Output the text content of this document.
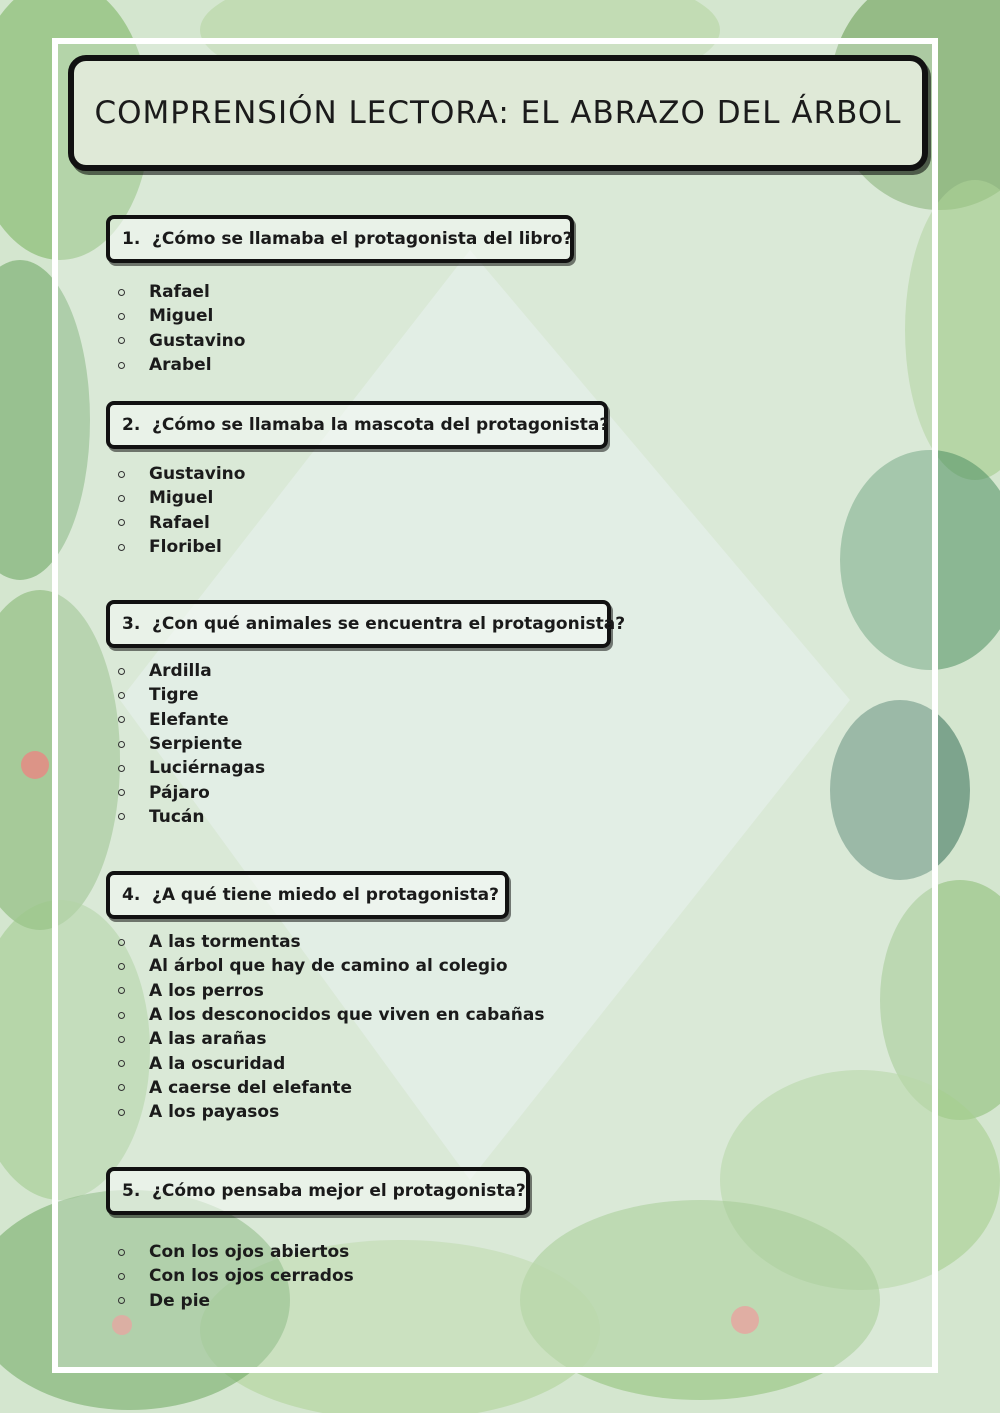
COMPRENSIÓN LECTORA: EL ABRAZO DEL ÁRBOL
1. ¿Cómo se llamaba el protagonista del libro?
Rafael
Miguel
Gustavino
Arabel
2. ¿Cómo se llamaba la mascota del protagonista?
Gustavino
Miguel
Rafael
Floribel
3. ¿Con qué animales se encuentra el protagonista?
Ardilla
Tigre
Elefante
Serpiente
Luciérnagas
Pájaro
Tucán
4. ¿A qué tiene miedo el protagonista?
A las tormentas
Al árbol que hay de camino al colegio
A los perros
A los desconocidos que viven en cabañas
A las arañas
A la oscuridad
A caerse del elefante
A los payasos
5. ¿Cómo pensaba mejor el protagonista?
Con los ojos abiertos
Con los ojos cerrados
De pie
